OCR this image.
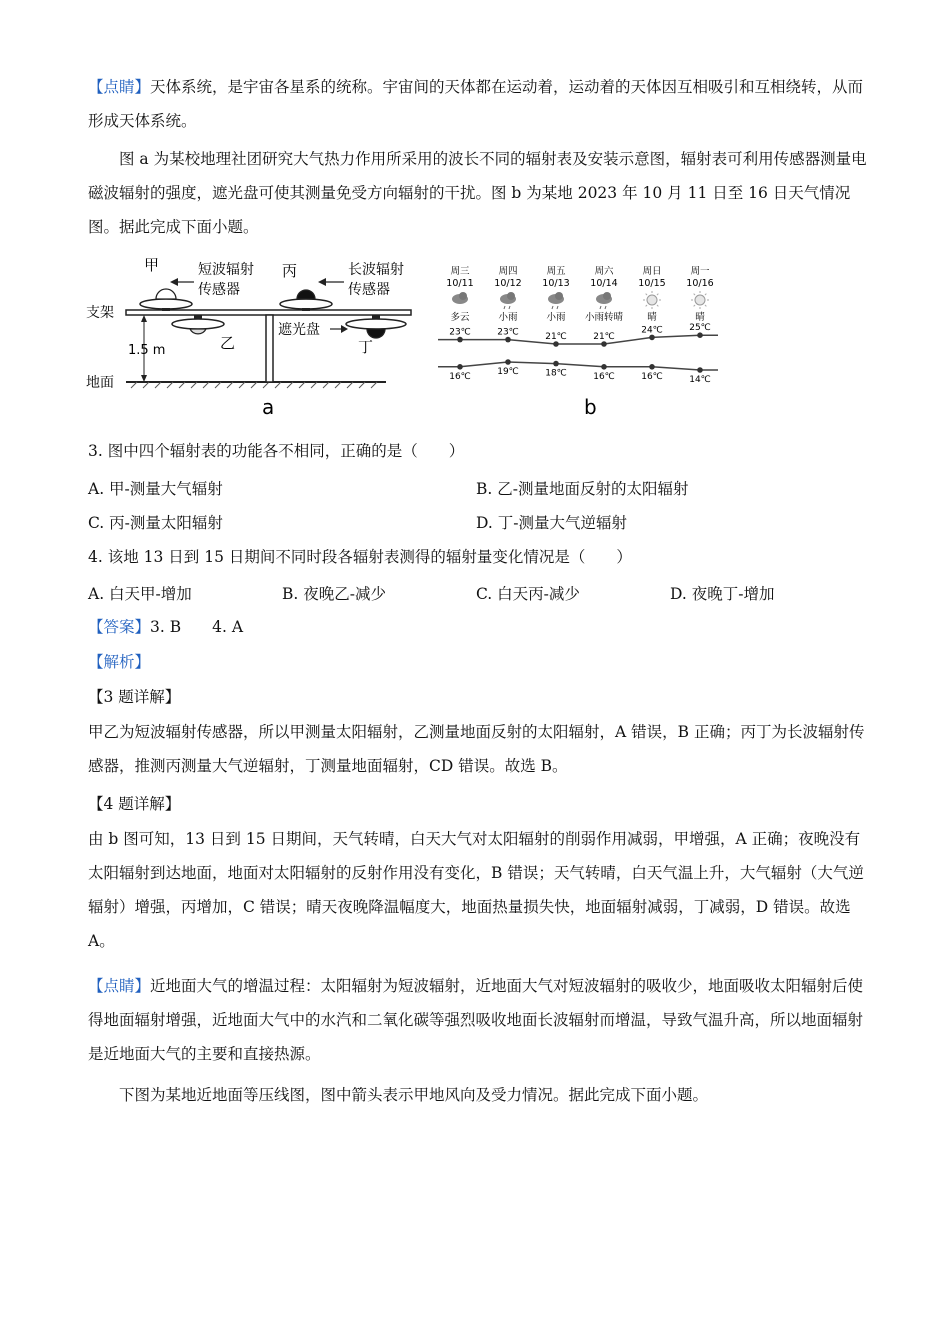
【点睛】天体系统，是宇宙各星系的统称。宇宙间的天体都在运动着，运动着的天体因互相吸引和互相绕转，从而形成天体系统。

图 a 为某校地理社团研究大气热力作用所采用的波长不同的辐射表及安装示意图，辐射表可利用传感器测量电磁波辐射的强度，遮光盘可使其测量免受方向辐射的干扰。图 b 为某地 2023 年 10 月 11 日至 16 日天气情况图。据此完成下面小题。

1.5 m
支架
地面
甲	短波辐射
传感器
乙
丙	长波辐射
传感器
丁
遮光盘
a
周三
10/11
多云
周四
10/12
小雨
周五
10/13
小雨
周六
10/14
小雨转晴
周日
10/15
晴
周一
10/16
晴
23℃
16℃
23℃
19℃
21℃
18℃
21℃
16℃
24℃
16℃
25℃
14℃
b

3. 图中四个辐射表的功能各不相同，正确的是（　　）

A. 甲-测量大气辐射	B. 乙-测量地面反射的太阳辐射
C. 丙-测量太阳辐射	D. 丁-测量大气逆辐射

4. 该地 13 日到 15 日期间不同时段各辐射表测得的辐射量变化情况是（　　）

A. 白天甲-增加	B. 夜晚乙-减少	C. 白天丙-减少	D. 夜晚丁-增加

【答案】3. B　　4. A

【解析】

【3 题详解】

甲乙为短波辐射传感器，所以甲测量太阳辐射，乙测量地面反射的太阳辐射，A 错误，B 正确；丙丁为长波辐射传感器，推测丙测量大气逆辐射，丁测量地面辐射，CD 错误。故选 B。

【4 题详解】

由 b 图可知，13 日到 15 日期间，天气转晴，白天大气对太阳辐射的削弱作用减弱，甲增强，A 正确；夜晚没有太阳辐射到达地面，地面对太阳辐射的反射作用没有变化，B 错误；天气转晴，白天气温上升，大气辐射（大气逆辐射）增强，丙增加，C 错误；晴天夜晚降温幅度大，地面热量损失快，地面辐射减弱，丁减弱，D 错误。故选 A。

【点睛】近地面大气的增温过程：太阳辐射为短波辐射，近地面大气对短波辐射的吸收少，地面吸收太阳辐射后使得地面辐射增强，近地面大气中的水汽和二氧化碳等强烈吸收地面长波辐射而增温，导致气温升高，所以地面辐射是近地面大气的主要和直接热源。

下图为某地近地面等压线图，图中箭头表示甲地风向及受力情况。据此完成下面小题。
